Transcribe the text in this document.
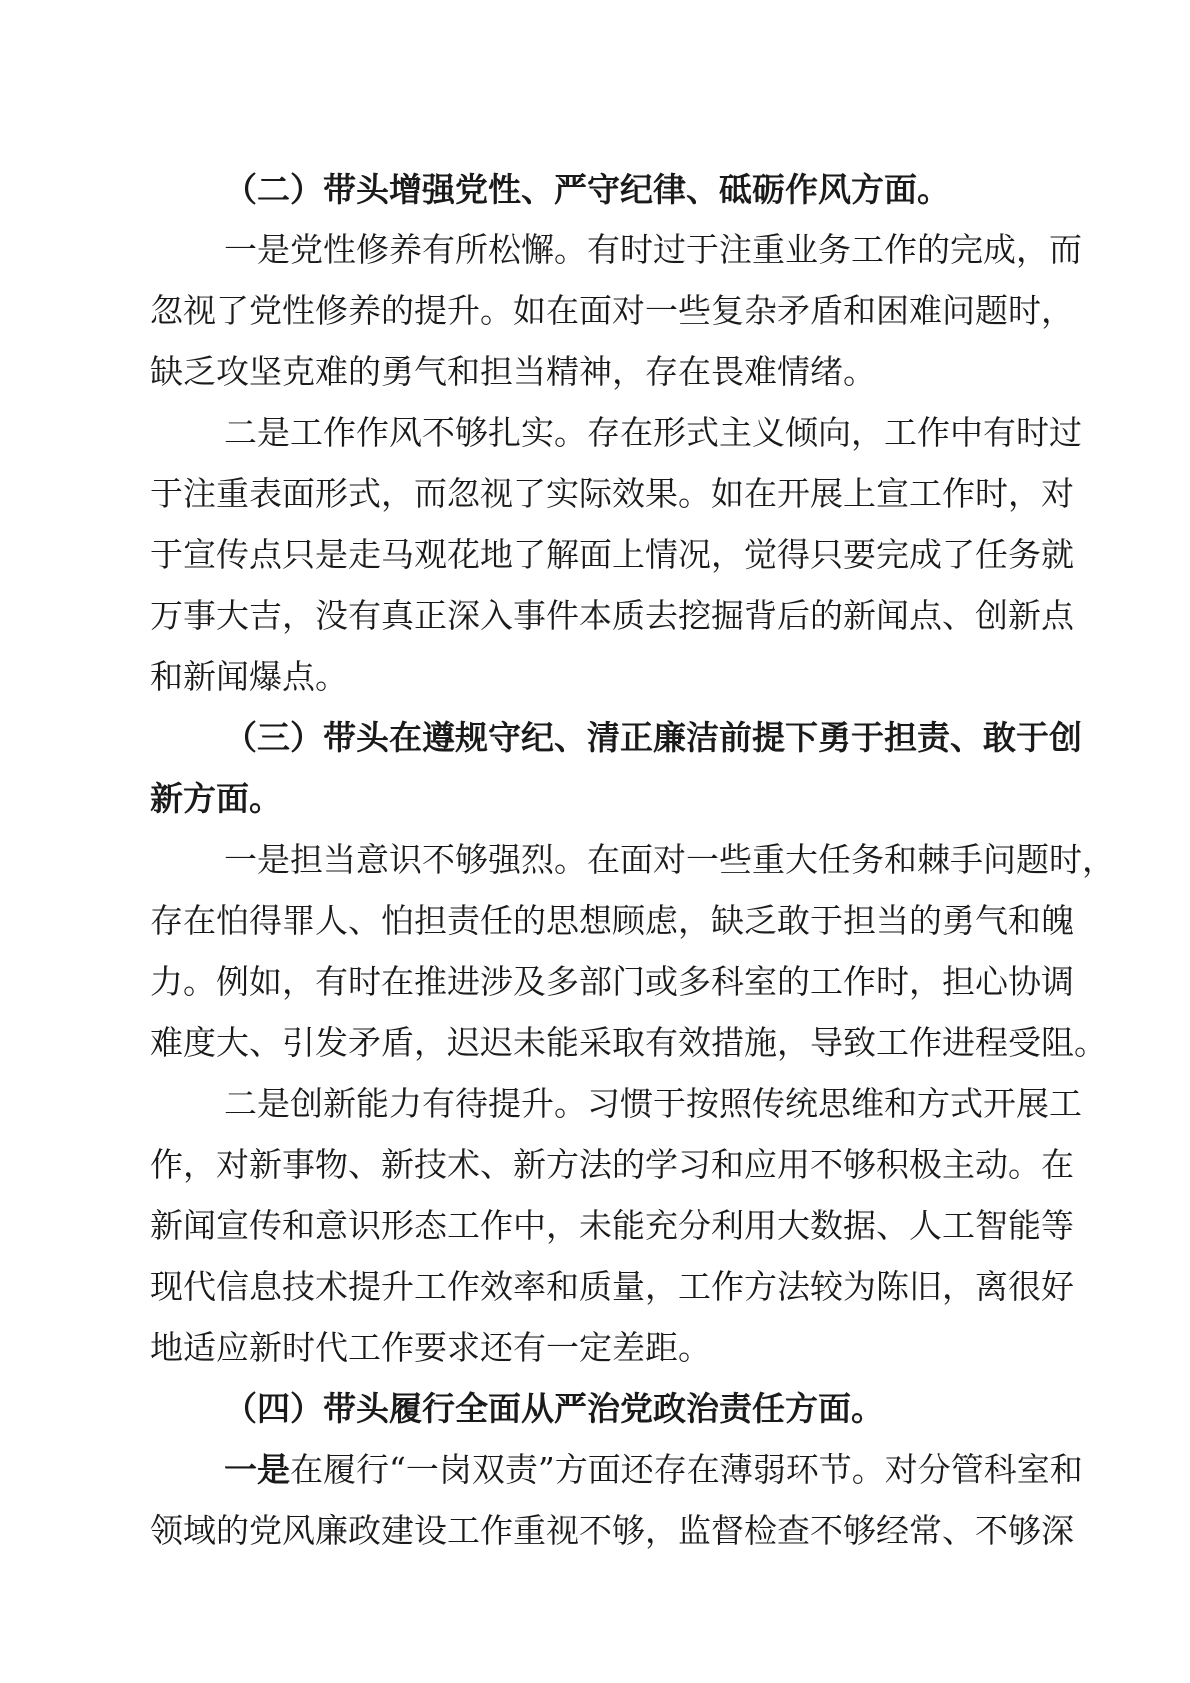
（二）带头增强党性、严守纪律、砥砺作风方面。
一是党性修养有所松懈。有时过于注重业务工作的完成，而
忽视了党性修养的提升。如在面对一些复杂矛盾和困难问题时，
缺乏攻坚克难的勇气和担当精神，存在畏难情绪。
二是工作作风不够扎实。存在形式主义倾向，工作中有时过
于注重表面形式，而忽视了实际效果。如在开展上宣工作时，对
于宣传点只是走马观花地了解面上情况，觉得只要完成了任务就
万事大吉，没有真正深入事件本质去挖掘背后的新闻点、创新点
和新闻爆点。
（三）带头在遵规守纪、清正廉洁前提下勇于担责、敢于创
新方面。
一是担当意识不够强烈。在面对一些重大任务和棘手问题时，
存在怕得罪人、怕担责任的思想顾虑，缺乏敢于担当的勇气和魄
力。例如，有时在推进涉及多部门或多科室的工作时，担心协调
难度大、引发矛盾，迟迟未能采取有效措施，导致工作进程受阻。
二是创新能力有待提升。习惯于按照传统思维和方式开展工
作，对新事物、新技术、新方法的学习和应用不够积极主动。在
新闻宣传和意识形态工作中，未能充分利用大数据、人工智能等
现代信息技术提升工作效率和质量，工作方法较为陈旧，离很好
地适应新时代工作要求还有一定差距。
（四）带头履行全面从严治党政治责任方面。
一是在履行“一岗双责”方面还存在薄弱环节。对分管科室和
领域的党风廉政建设工作重视不够，监督检查不够经常、不够深
